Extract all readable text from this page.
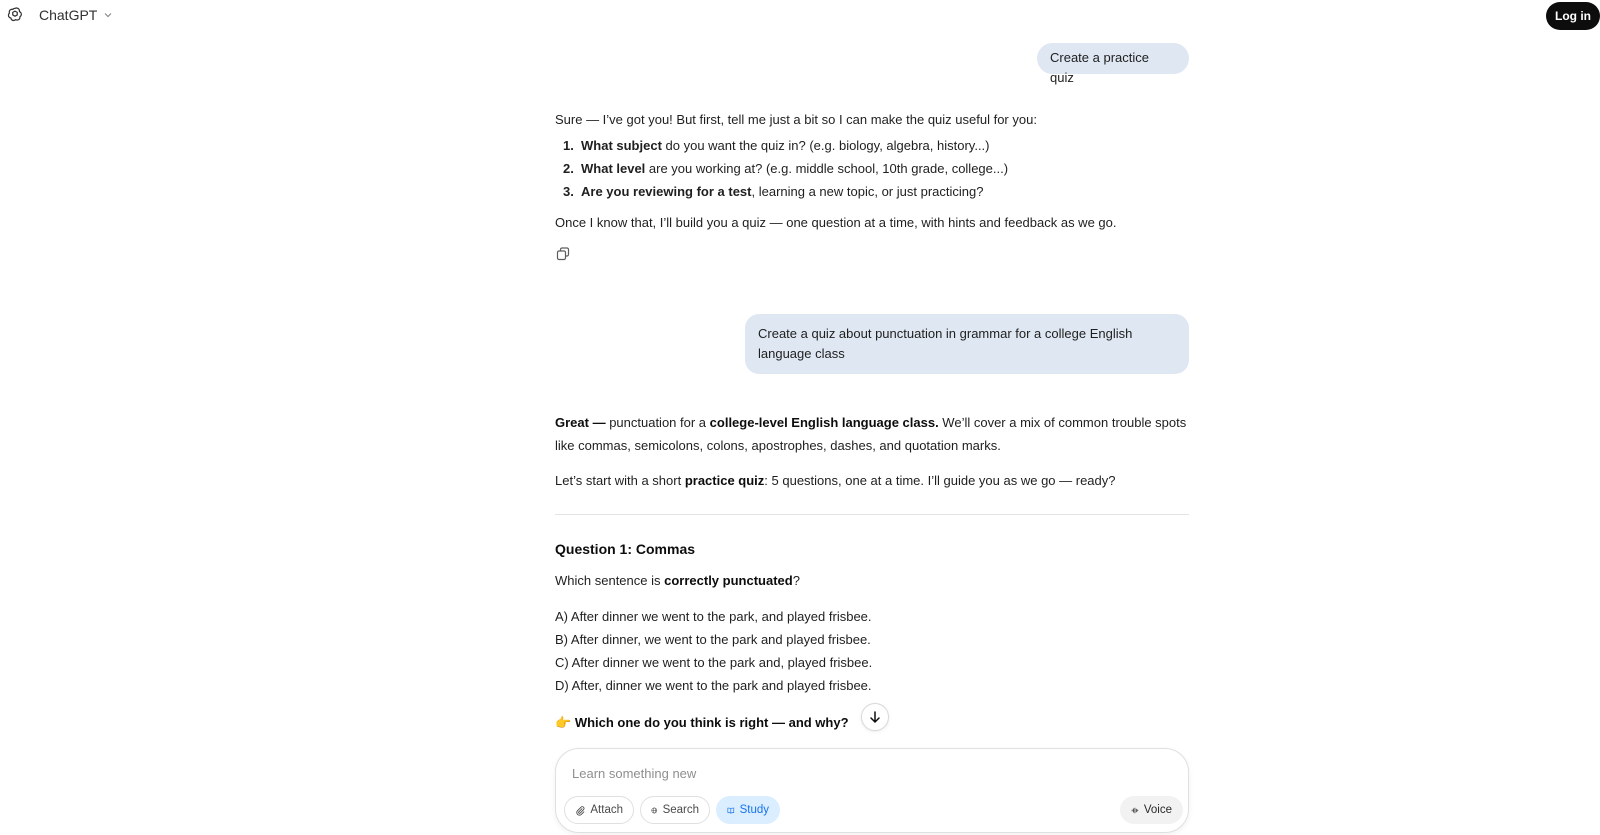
ChatGPT	Log in
Create a practice quiz
Sure — I’ve got you! But first, tell me just a bit so I can make the quiz useful for you:
1. What subject do you want the quiz in? (e.g. biology, algebra, history...)
2. What level are you working at? (e.g. middle school, 10th grade, college...)
3. Are you reviewing for a test, learning a new topic, or just practicing?
Once I know that, I’ll build you a quiz — one question at a time, with hints and feedback as we go.
Create a quiz about punctuation in grammar for a college English language class
Great — punctuation for a college-level English language class. We’ll cover a mix of common trouble spots like commas, semicolons, colons, apostrophes, dashes, and quotation marks.
Let’s start with a short practice quiz: 5 questions, one at a time. I’ll guide you as we go — ready?
Question 1: Commas
Which sentence is correctly punctuated?
A) After dinner we went to the park, and played frisbee.
B) After dinner, we went to the park and played frisbee.
C) After dinner we went to the park and, played frisbee.
D) After, dinner we went to the park and played frisbee.
👉 Which one do you think is right — and why?
Learn something new
Attach	Search	Study	Voice
